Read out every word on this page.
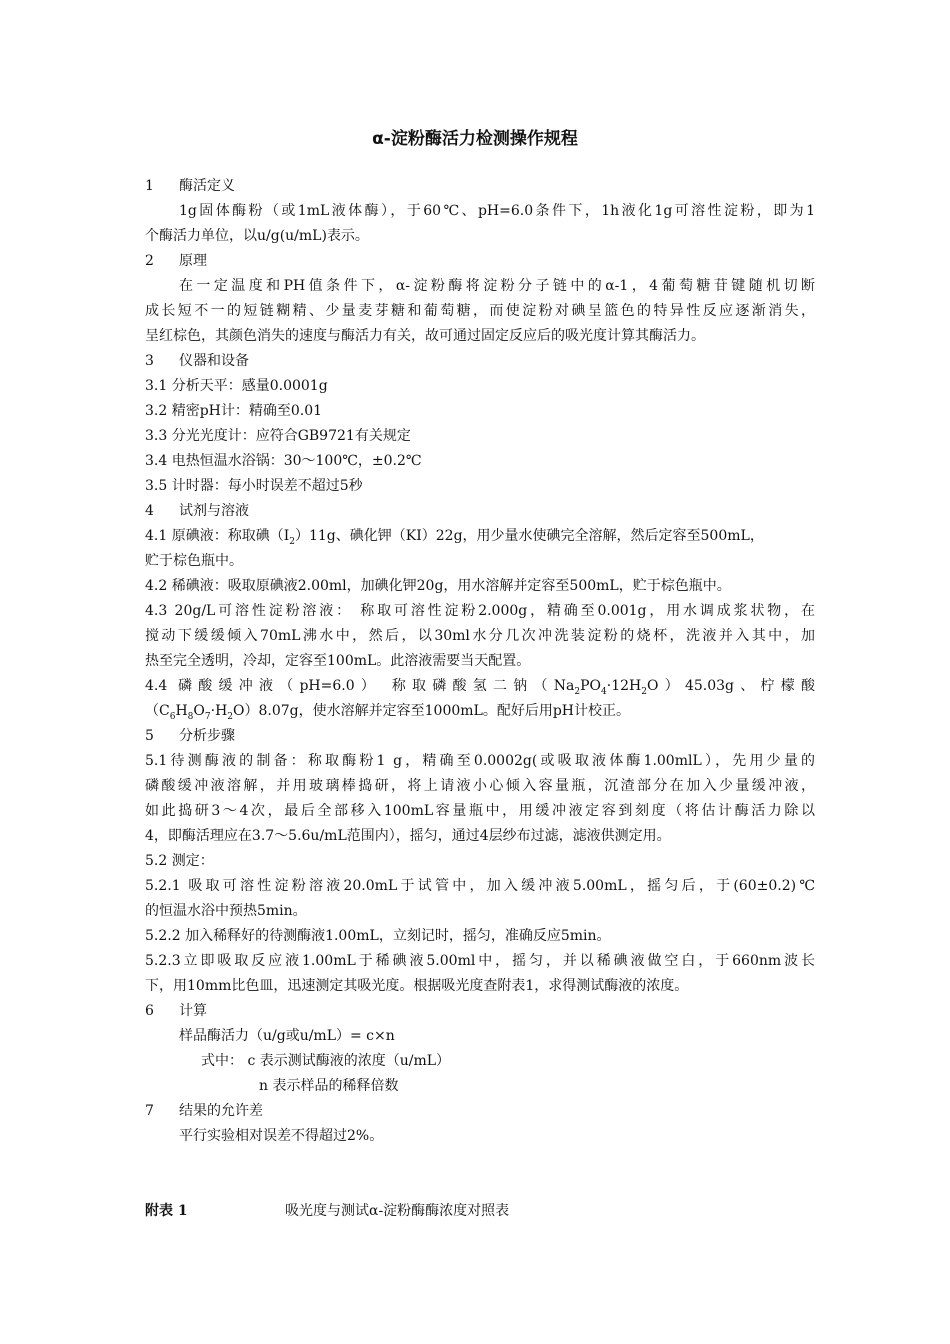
α-淀粉酶活力检测操作规程
1 酶活定义
1g固体酶粉（或1mL液体酶），于60℃、pH=6.0条件下，1h液化1g可溶性淀粉，即为1
个酶活力单位，以u/g(u/mL)表示。
2 原理
在一定温度和PH值条件下，α-淀粉酶将淀粉分子链中的α-1，4葡萄糖苷键随机切断
成长短不一的短链糊精、少量麦芽糖和葡萄糖，而使淀粉对碘呈篮色的特异性反应逐渐消失，
呈红棕色，其颜色消失的速度与酶活力有关，故可通过固定反应后的吸光度计算其酶活力。
3 仪器和设备
3.1 分析天平：感量0.0001g
3.2 精密pH计：精确至0.01
3.3 分光光度计：应符合GB9721有关规定
3.4 电热恒温水浴锅：30～100℃，±0.2℃
3.5 计时器：每小时误差不超过5秒
4 试剂与溶液
4.1 原碘液：称取碘$(I_2)11g$、碘化钾（KI）22g，用少量水使碘完全溶解，然后定容至500mL，
贮于棕色瓶中。
4.2 稀碘液：吸取原碘液2.00ml，加碘化钾20g，用水溶解并定容至500mL，贮于棕色瓶中。
4.3 20g/L可溶性淀粉溶液： 称取可溶性淀粉2.000g，精确至0.001g，用水调成浆状物，在
搅动下缓缓倾入70mL沸水中，然后，以30ml水分几次冲洗装淀粉的烧杯，洗液并入其中，加
热至完全透明，冷却，定容至100mL。此溶液需要当天配置。
4.4 磷酸缓冲液（pH=6.0） 称取磷酸氢二钠$(Na_2PO_4\cdot 12H_2O)45.03g$、柠檬酸
$(C_6H_8O_7\cdot H_2O)8.07g$，使水溶解并定容至1000mL。配好后用pH计校正。
5 分析步骤
5.1待测酶液的制备：称取酶粉1 g，精确至0.0002g(或吸取液体酶1.00mlL），先用少量的
磷酸缓冲液溶解，并用玻璃棒捣研，将上请液小心倾入容量瓶，沉渣部分在加入少量缓冲液，
如此捣研3～4次，最后全部移入100mL容量瓶中，用缓冲液定容到刻度（将估计酶活力除以
4，即酶活理应在3.7～5.6u/mL范围内），摇匀，通过4层纱布过滤，滤液供测定用。
5.2 测定：
5.2.1 吸取可溶性淀粉溶液20.0mL于试管中，加入缓冲液5.00mL，摇匀后，于(60±0.2)℃
的恒温水浴中预热5min。
5.2.2 加入稀释好的待测酶液1.00mL，立刻记时，摇匀，准确反应5min。
5.2.3立即吸取反应液1.00mL于稀碘液5.00ml中，摇匀，并以稀碘液做空白，于660nm波长
下，用10mm比色皿，迅速测定其吸光度。根据吸光度查附表1，求得测试酶液的浓度。
6 计算
样品酶活力（u/g或u/mL）= c×n
式中： c 表示测试酶液的浓度（u/mL）
n 表示样品的稀释倍数
7 结果的允许差
平行实验相对误差不得超过2%。
附表 1	吸光度与测试α-淀粉酶酶浓度对照表
